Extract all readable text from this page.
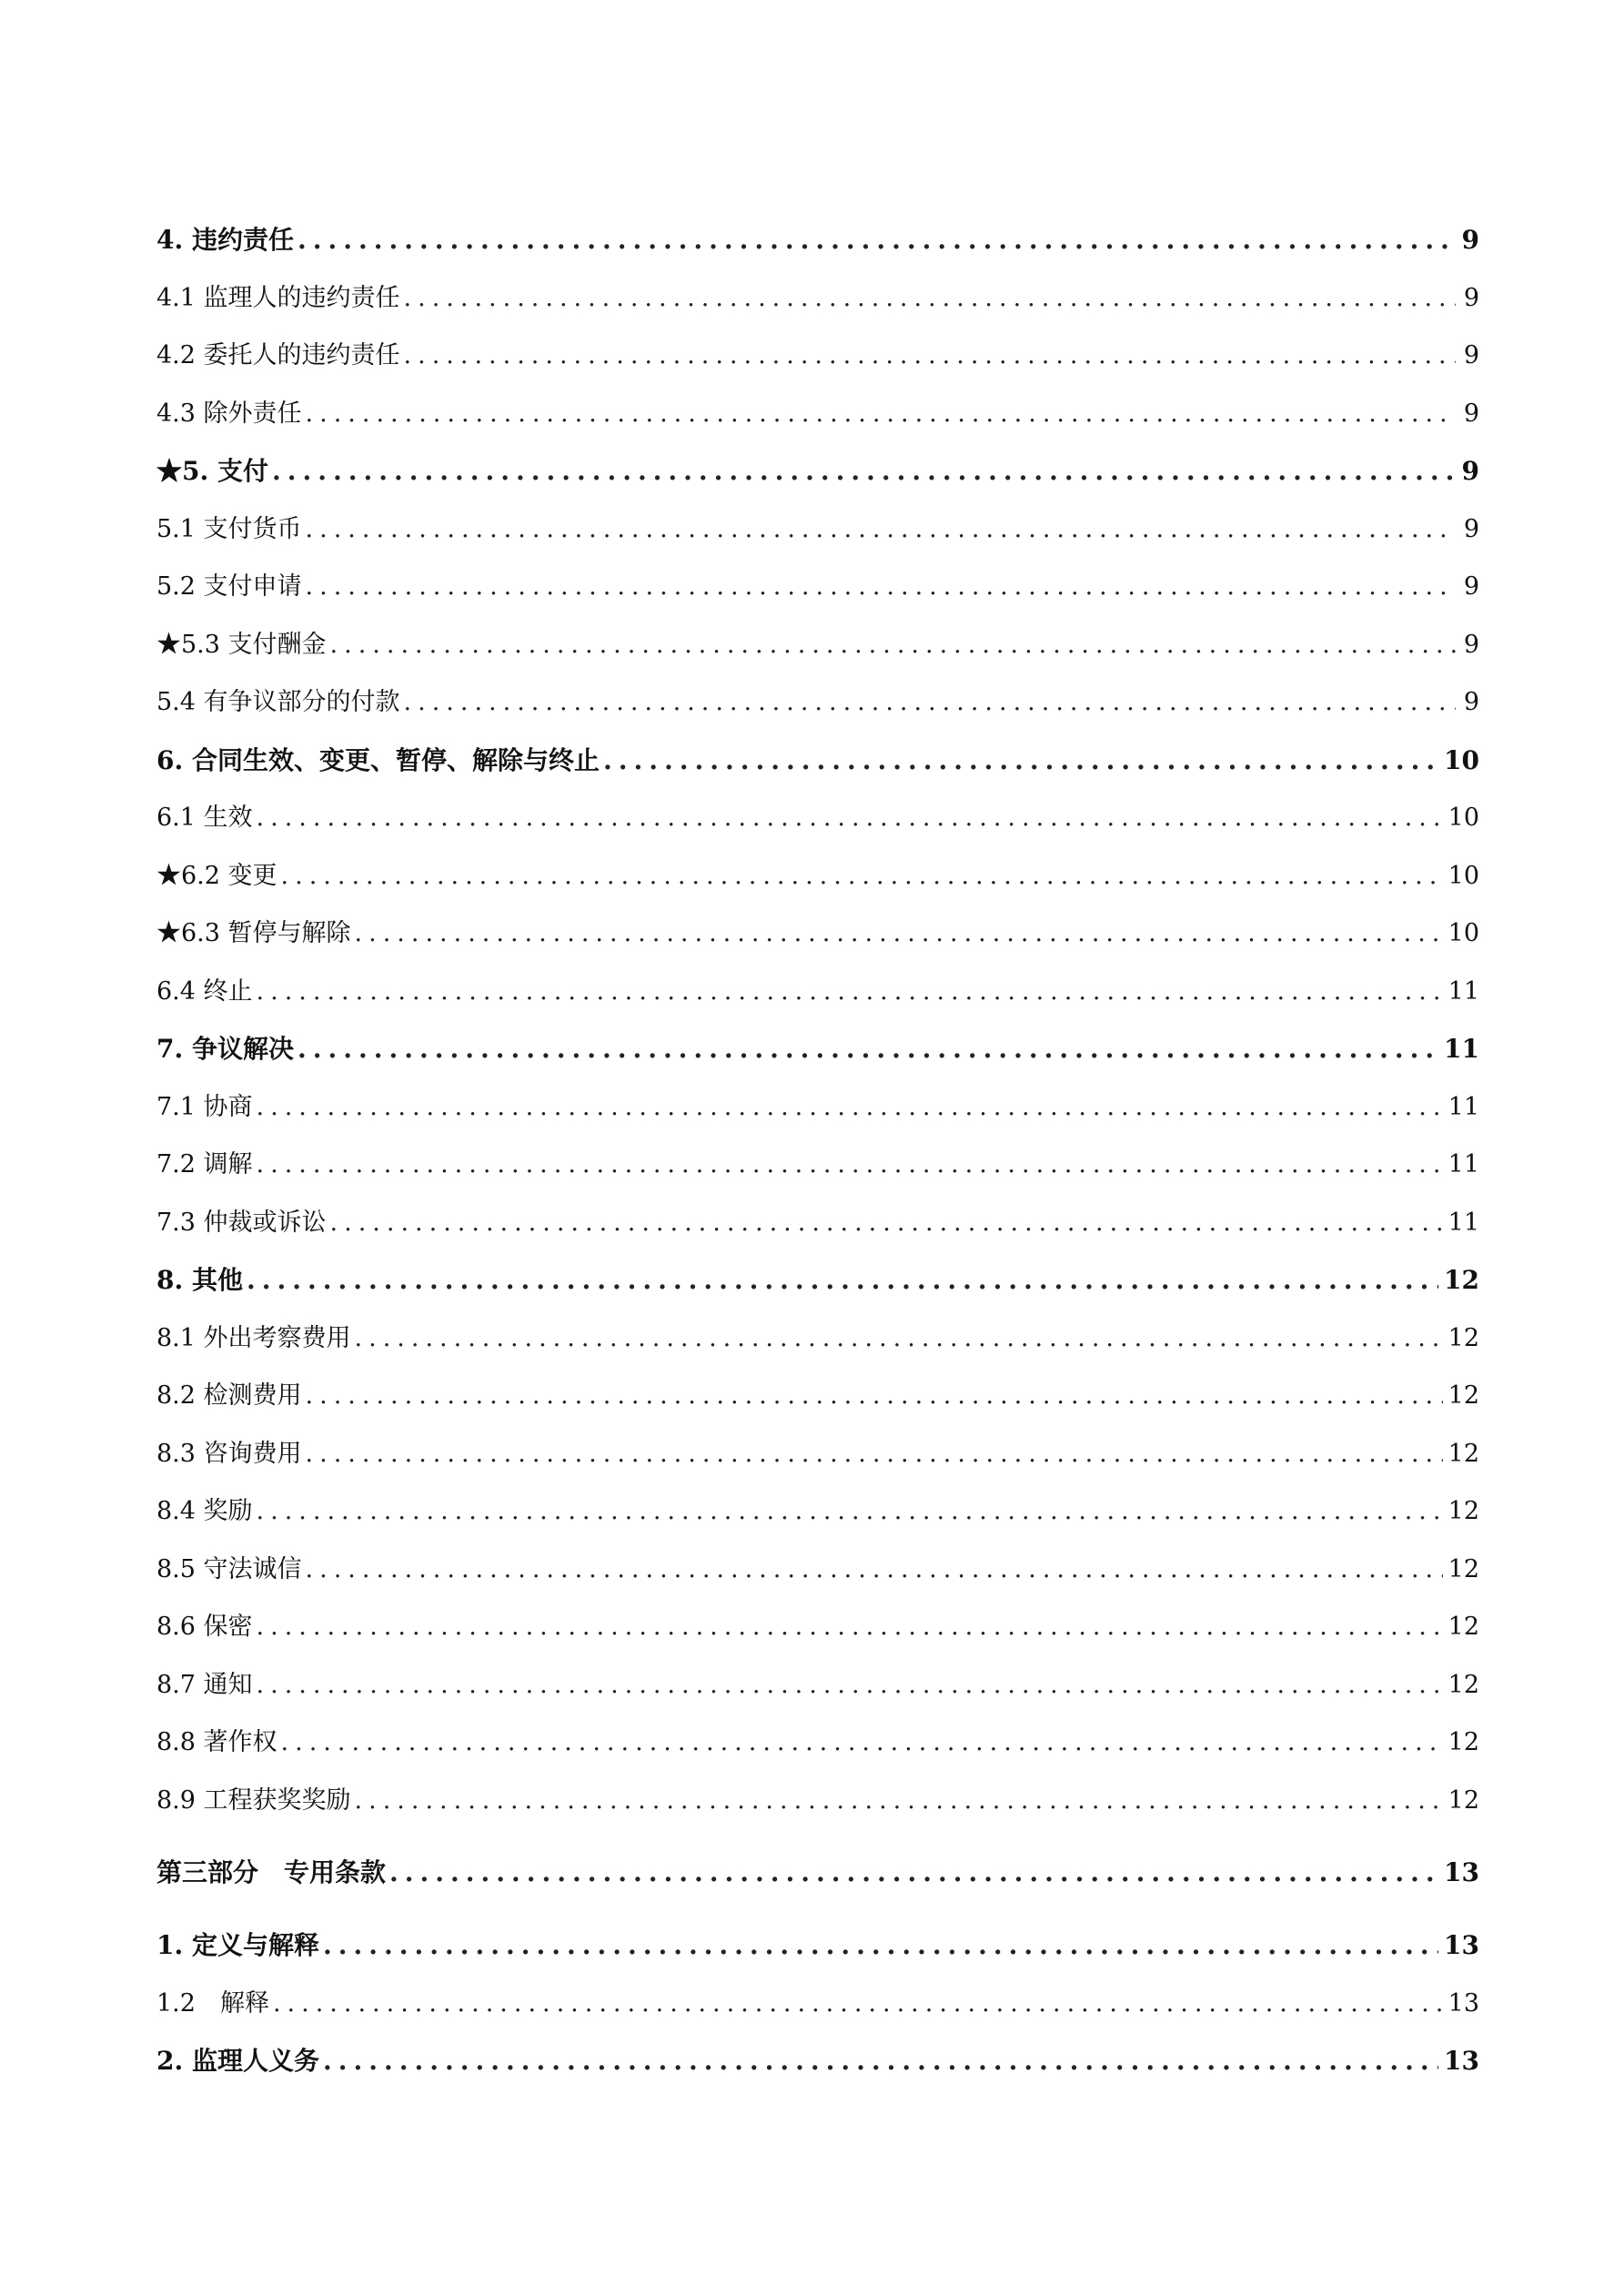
4. 违约责任 .....	9
4.1 监理人的违约责任 .....	9
4.2 委托人的违约责任 .....	9
4.3 除外责任 .....	9
★5. 支付 .....	9
5.1 支付货币 .....	9
5.2 支付申请 .....	9
★5.3 支付酬金 .....	9
5.4 有争议部分的付款 .....	9
6. 合同生效、变更、暂停、解除与终止 .....	10
6.1 生效 .....	10
★6.2 变更 .....	10
★6.3 暂停与解除 .....	10
6.4 终止 .....	11
7. 争议解决 .....	11
7.1 协商 .....	11
7.2 调解 .....	11
7.3 仲裁或诉讼 .....	11
8. 其他 .....	12
8.1 外出考察费用 .....	12
8.2 检测费用 .....	12
8.3 咨询费用 .....	12
8.4 奖励 .....	12
8.5 守法诚信 .....	12
8.6 保密 .....	12
8.7 通知 .....	12
8.8 著作权 .....	12
8.9 工程获奖奖励 .....	12
第三部分　专用条款 .....	13
1. 定义与解释 .....	13
1.2　解释 .....	13
2. 监理人义务 .....	13
